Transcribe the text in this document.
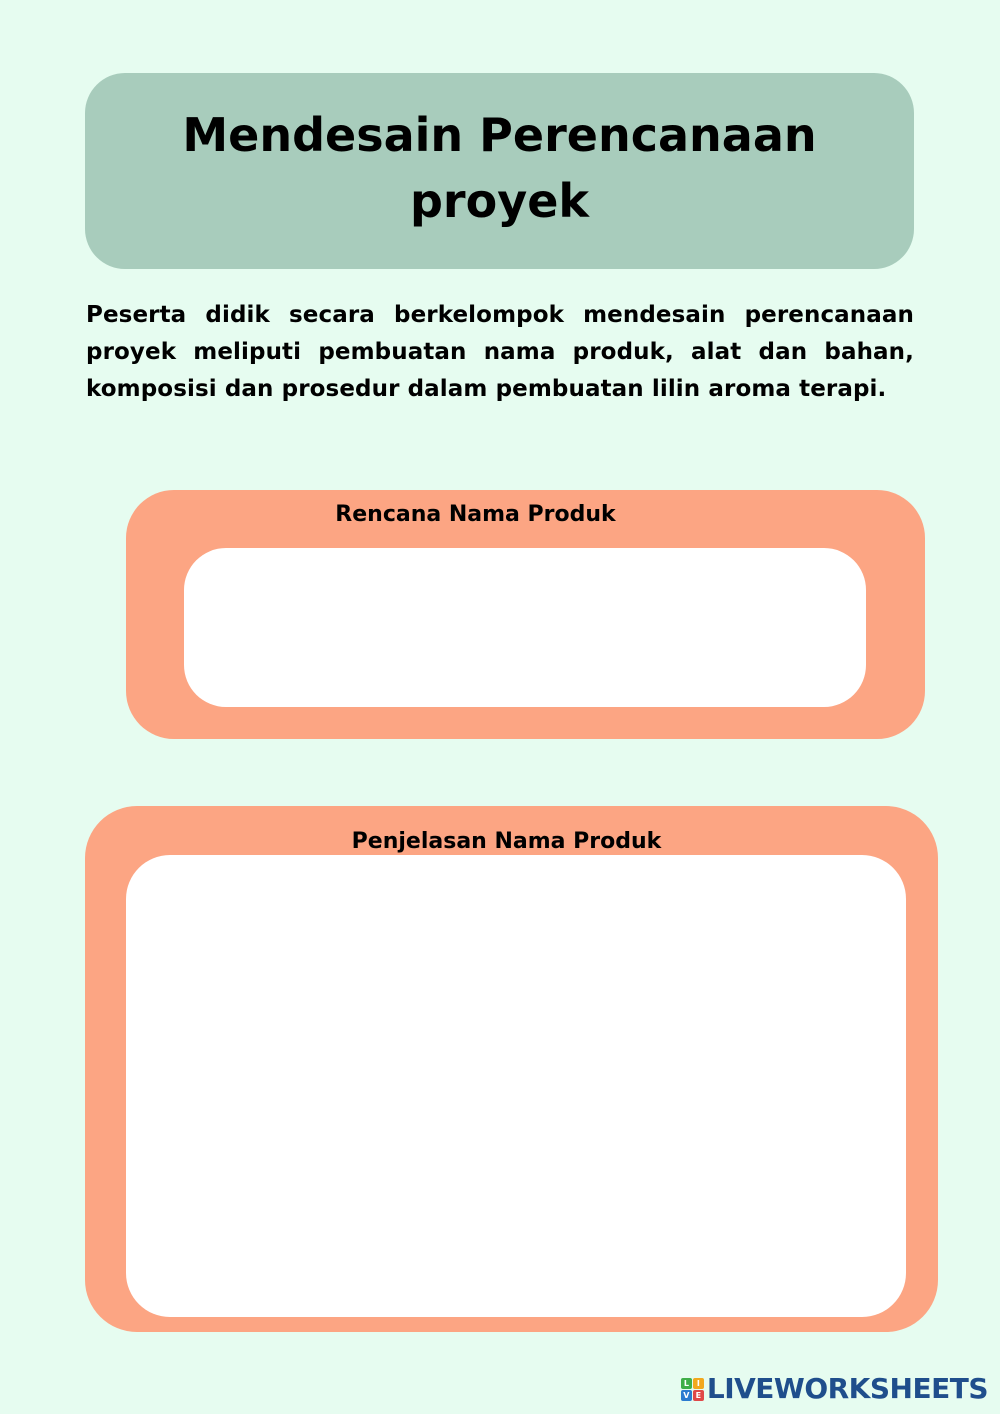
Mendesain Perencanaan proyek
Peserta didik secara berkelompok mendesain perencanaan proyek meliputi pembuatan nama produk, alat dan bahan, komposisi dan prosedur dalam pembuatan lilin aroma terapi.
Rencana Nama Produk
Penjelasan Nama Produk
L I
V E LIVEWORKSHEETS
